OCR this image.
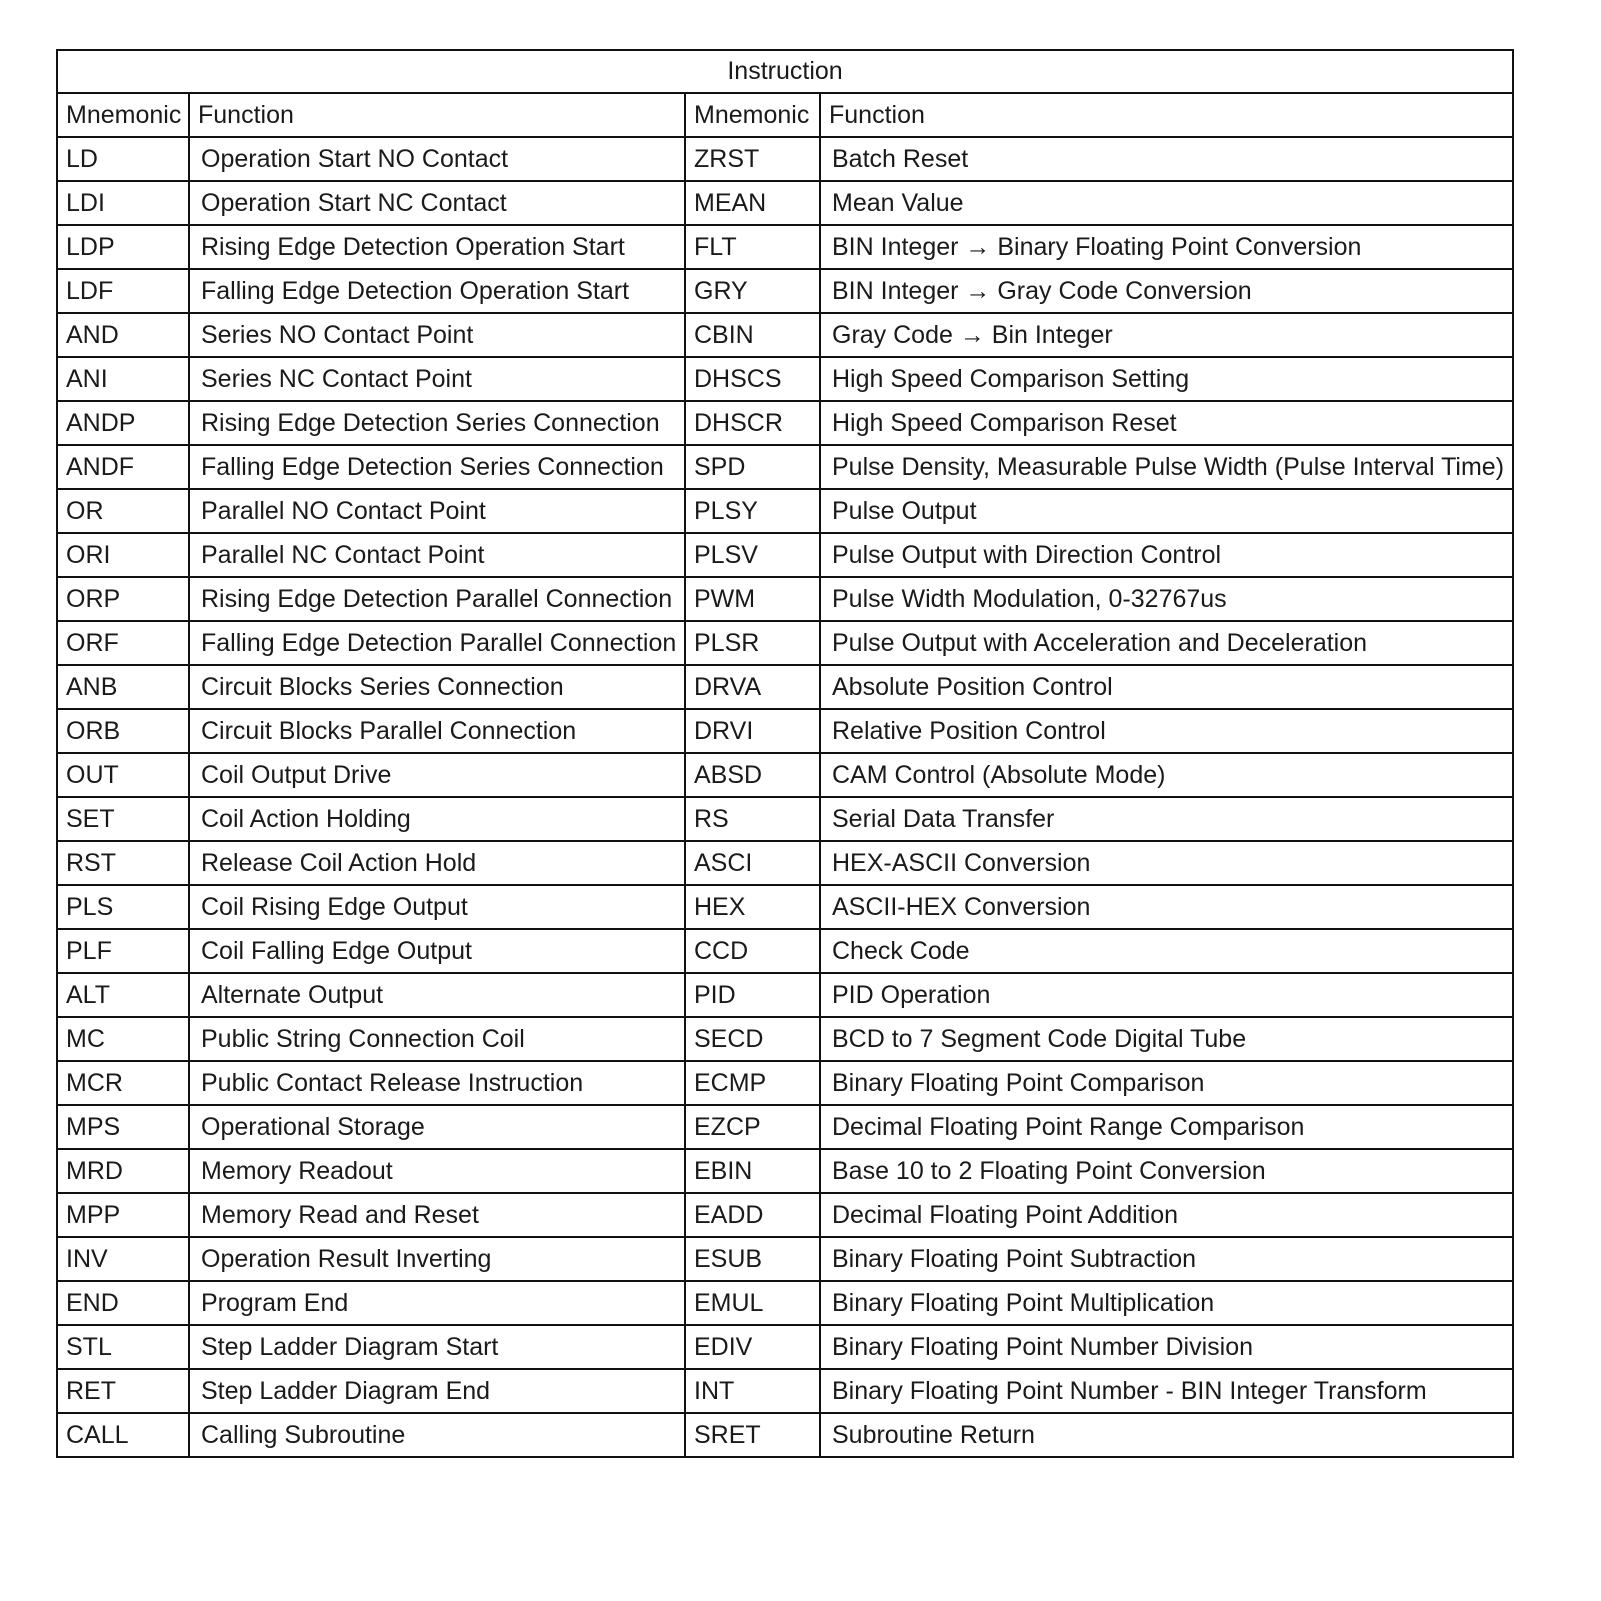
Instruction			
Mnemonic	Function	Mnemonic	Function
LD	Operation Start NO Contact	ZRST	Batch Reset
LDI	Operation Start NC Contact	MEAN	Mean Value
LDP	Rising Edge Detection Operation Start	FLT	BIN Integer → Binary Floating Point Conversion
LDF	Falling Edge Detection Operation Start	GRY	BIN Integer → Gray Code Conversion
AND	Series NO Contact Point	CBIN	Gray Code → Bin Integer
ANI	Series NC Contact Point	DHSCS	High Speed Comparison Setting
ANDP	Rising Edge Detection Series Connection	DHSCR	High Speed Comparison Reset
ANDF	Falling Edge Detection Series Connection	SPD	Pulse Density, Measurable Pulse Width (Pulse Interval Time)
OR	Parallel NO Contact Point	PLSY	Pulse Output
ORI	Parallel NC Contact Point	PLSV	Pulse Output with Direction Control
ORP	Rising Edge Detection Parallel Connection	PWM	Pulse Width Modulation, 0-32767us
ORF	Falling Edge Detection Parallel Connection	PLSR	Pulse Output with Acceleration and Deceleration
ANB	Circuit Blocks Series Connection	DRVA	Absolute Position Control
ORB	Circuit Blocks Parallel Connection	DRVI	Relative Position Control
OUT	Coil Output Drive	ABSD	CAM Control (Absolute Mode)
SET	Coil Action Holding	RS	Serial Data Transfer
RST	Release Coil Action Hold	ASCI	HEX-ASCII Conversion
PLS	Coil Rising Edge Output	HEX	ASCII-HEX Conversion
PLF	Coil Falling Edge Output	CCD	Check Code
ALT	Alternate Output	PID	PID Operation
MC	Public String Connection Coil	SECD	BCD to 7 Segment Code Digital Tube
MCR	Public Contact Release Instruction	ECMP	Binary Floating Point Comparison
MPS	Operational Storage	EZCP	Decimal Floating Point Range Comparison
MRD	Memory Readout	EBIN	Base 10 to 2 Floating Point Conversion
MPP	Memory Read and Reset	EADD	Decimal Floating Point Addition
INV	Operation Result Inverting	ESUB	Binary Floating Point Subtraction
END	Program End	EMUL	Binary Floating Point Multiplication
STL	Step Ladder Diagram Start	EDIV	Binary Floating Point Number Division
RET	Step Ladder Diagram End	INT	Binary Floating Point Number - BIN Integer Transform
CALL	Calling Subroutine	SRET	Subroutine Return
